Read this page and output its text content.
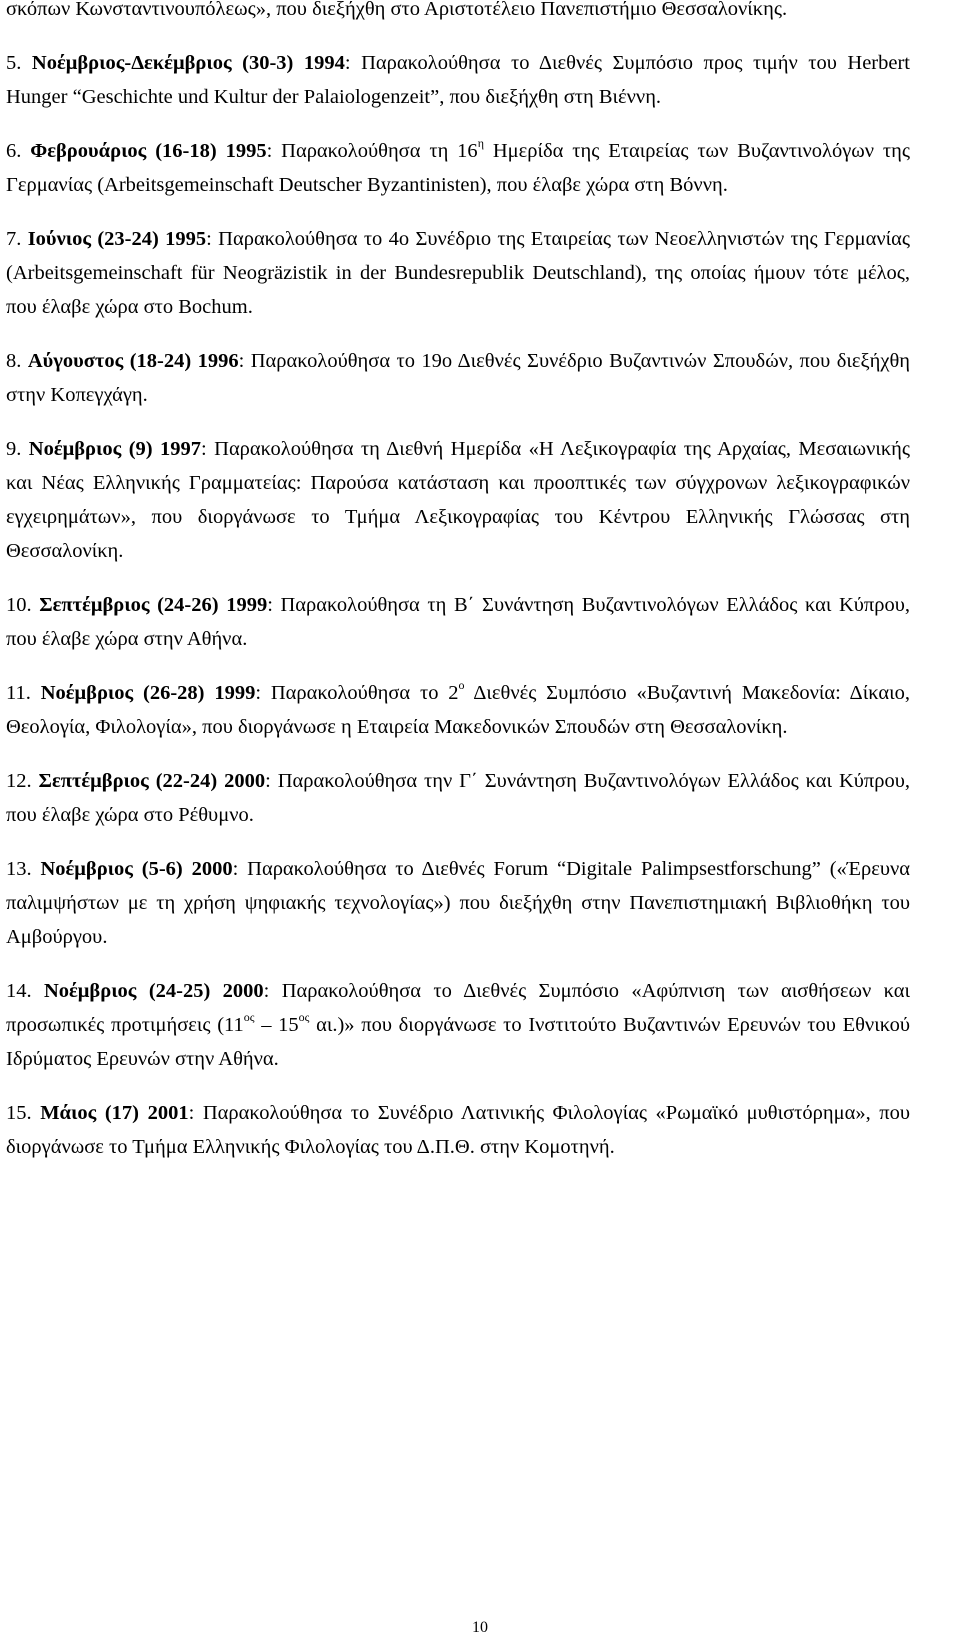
σκόπων Κωνσταντινουπόλεως», που διεξήχθη στο Αριστοτέλειο Πανεπιστήμιο Θεσσαλονίκης.

5. Νοέμβριος-Δεκέμβριος (30-3) 1994: Παρακολούθησα το Διεθνές Συμπόσιο προς τιμήν του Herbert Hunger “Geschichte und Kultur der Palaiologenzeit”, που διεξήχθη στη Βιέννη.

6. Φεβρουάριος (16-18) 1995: Παρακολούθησα τη $16^\eta$ Ημερίδα της Εταιρείας των Βυζαντινολόγων της Γερμανίας (Arbeitsgemeinschaft Deutscher Byzantinisten), που έλαβε χώρα στη Βόννη.

7. Ιούνιος (23-24) 1995: Παρακολούθησα το 4ο Συνέδριο της Εταιρείας των Νεοελληνιστών της Γερμανίας (Arbeitsgemeinschaft für Neogräzistik in der Bundesrepublik Deutschland), της οποίας ήμουν τότε μέλος, που έλαβε χώρα στο Bochum.

8. Αύγουστος (18-24) 1996: Παρακολούθησα το 19ο Διεθνές Συνέδριο Βυζαντινών Σπουδών, που διεξήχθη στην Κοπεγχάγη.

9. Νοέμβριος (9) 1997: Παρακολούθησα τη Διεθνή Ημερίδα «Η Λεξικογραφία της Αρχαίας, Μεσαιωνικής και Νέας Ελληνικής Γραμματείας: Παρούσα κατάσταση και προοπτικές των σύγχρονων λεξικογραφικών εγχειρημάτων», που διοργάνωσε το Τμήμα Λεξικογραφίας του Κέντρου Ελληνικής Γλώσσας στη Θεσσαλονίκη.

10. Σεπτέμβριος (24-26) 1999: Παρακολούθησα τη Β΄ Συνάντηση Βυζαντινολόγων Ελλάδος και Κύπρου, που έλαβε χώρα στην Αθήνα.

11. Νοέμβριος (26-28) 1999: Παρακολούθησα το $2^o$ Διεθνές Συμπόσιο «Βυζαντινή Μακεδονία: Δίκαιο, Θεολογία, Φιλολογία», που διοργάνωσε η Εταιρεία Μακεδονικών Σπουδών στη Θεσσαλονίκη.

12. Σεπτέμβριος (22-24) 2000: Παρακολούθησα την Γ΄ Συνάντηση Βυζαντινολόγων Ελλάδος και Κύπρου, που έλαβε χώρα στο Ρέθυμνο.

13. Νοέμβριος (5-6) 2000: Παρακολούθησα το Διεθνές Forum “Digitale Palimpsestforschung” («Έρευνα παλιμψήστων με τη χρήση ψηφιακής τεχνολογίας») που διεξήχθη στην Πανεπιστημιακή Βιβλιοθήκη του Αμβούργου.

14. Νοέμβριος (24-25) 2000: Παρακολούθησα το Διεθνές Συμπόσιο «Αφύπνιση των αισθήσεων και προσωπικές προτιμήσεις ($11^{o\varsigma} - 15^{o\varsigma}$ αι.)» που διοργάνωσε το Ινστιτούτο Βυζαντινών Ερευνών του Εθνικού Ιδρύματος Ερευνών στην Αθήνα.

15. Μάιος (17) 2001: Παρακολούθησα το Συνέδριο Λατινικής Φιλολογίας «Ρωμαϊκό μυθιστόρημα», που διοργάνωσε το Τμήμα Ελληνικής Φιλολογίας του Δ.Π.Θ. στην Κομοτηνή.

10
